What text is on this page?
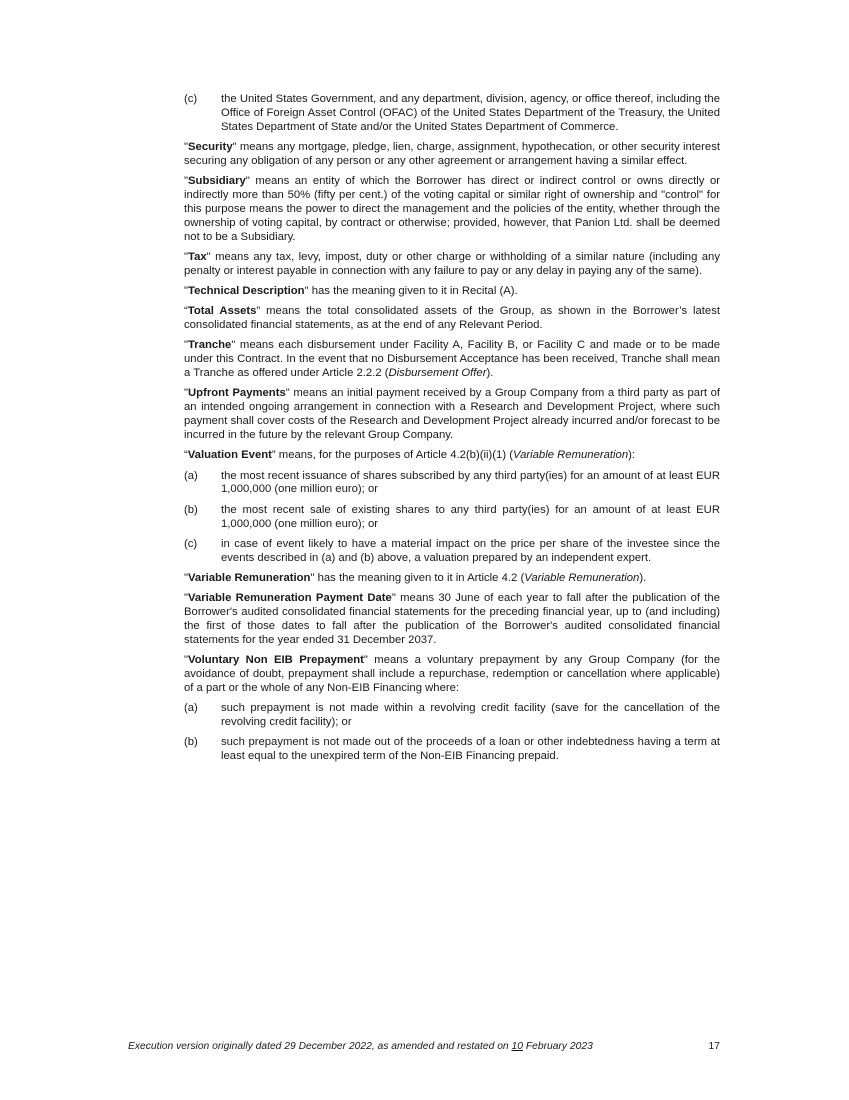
(c) the United States Government, and any department, division, agency, or office thereof, including the Office of Foreign Asset Control (OFAC) of the United States Department of the Treasury, the United States Department of State and/or the United States Department of Commerce.

"Security" means any mortgage, pledge, lien, charge, assignment, hypothecation, or other security interest securing any obligation of any person or any other agreement or arrangement having a similar effect.

"Subsidiary" means an entity of which the Borrower has direct or indirect control or owns directly or indirectly more than 50% (fifty per cent.) of the voting capital or similar right of ownership and "control" for this purpose means the power to direct the management and the policies of the entity, whether through the ownership of voting capital, by contract or otherwise; provided, however, that Panion Ltd. shall be deemed not to be a Subsidiary.

"Tax" means any tax, levy, impost, duty or other charge or withholding of a similar nature (including any penalty or interest payable in connection with any failure to pay or any delay in paying any of the same).

"Technical Description" has the meaning given to it in Recital (A).

“Total Assets” means the total consolidated assets of the Group, as shown in the Borrower’s latest consolidated financial statements, as at the end of any Relevant Period.

"Tranche" means each disbursement under Facility A, Facility B, or Facility C and made or to be made under this Contract. In the event that no Disbursement Acceptance has been received, Tranche shall mean a Tranche as offered under Article 2.2.2 (Disbursement Offer).

"Upfront Payments" means an initial payment received by a Group Company from a third party as part of an intended ongoing arrangement in connection with a Research and Development Project, where such payment shall cover costs of the Research and Development Project already incurred and/or forecast to be incurred in the future by the relevant Group Company.

“Valuation Event” means, for the purposes of Article 4.2(b)(ii)(1) (Variable Remuneration):

(a) the most recent issuance of shares subscribed by any third party(ies) for an amount of at least EUR 1,000,000 (one million euro); or
(b) the most recent sale of existing shares to any third party(ies) for an amount of at least EUR 1,000,000 (one million euro); or
(c) in case of event likely to have a material impact on the price per share of the investee since the events described in (a) and (b) above, a valuation prepared by an independent expert.

"Variable Remuneration" has the meaning given to it in Article 4.2 (Variable Remuneration).

"Variable Remuneration Payment Date" means 30 June of each year to fall after the publication of the Borrower's audited consolidated financial statements for the preceding financial year, up to (and including) the first of those dates to fall after the publication of the Borrower's audited consolidated financial statements for the year ended 31 December 2037.

"Voluntary Non EIB Prepayment" means a voluntary prepayment by any Group Company (for the avoidance of doubt, prepayment shall include a repurchase, redemption or cancellation where applicable) of a part or the whole of any Non-EIB Financing where:

(a) such prepayment is not made within a revolving credit facility (save for the cancellation of the revolving credit facility); or
(b) such prepayment is not made out of the proceeds of a loan or other indebtedness having a term at least equal to the unexpired term of the Non-EIB Financing prepaid.
Execution version originally dated 29 December 2022, as amended and restated on 10 February 2023	17
